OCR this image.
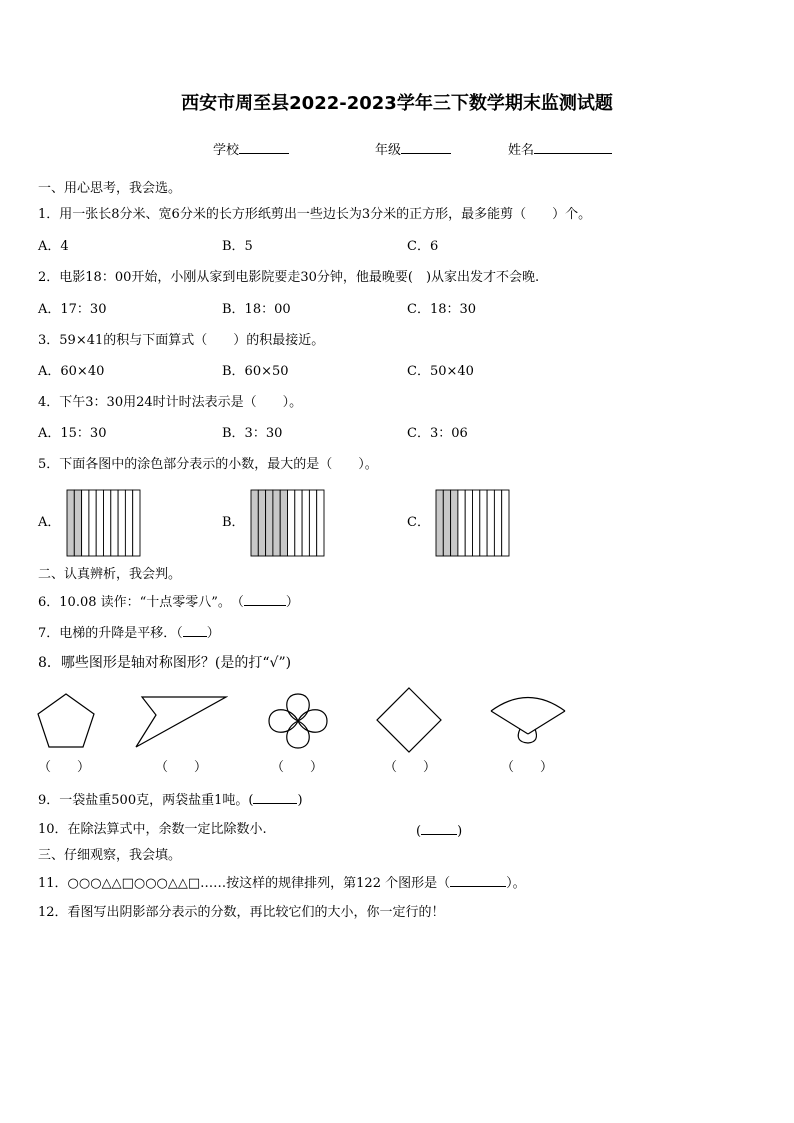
西安市周至县2022-2023学年三下数学期末监测试题
学校	年级	姓名
一、用心思考，我会选。
1．用一张长8分米、宽6分米的长方形纸剪出一些边长为3分米的正方形，最多能剪（　　）个。
A．4	B．5	C．6
2．电影18：00开始，小刚从家到电影院要走30分钟，他最晚要(　)从家出发才不会晚.
A．17：30	B．18：00	C．18：30
3．59×41的积与下面算式（　　）的积最接近。
A．60×40	B．60×50	C．50×40
4．下午3：30用24时计时法表示是（　　）。
A．15：30	B．3：30	C．3：06
5．下面各图中的涂色部分表示的小数，最大的是（　　）。
A．	B．	C．
二、认真辨析，我会判。
6．10.08 读作：“十点零零八”。　（	）
7．电梯的升降是平移．（ ）
8．哪些图形是轴对称图形？(是的打“√”)
（　　）	（　　）	（　　）	（　　）	（　　）
9．一袋盐重500克，两袋盐重1吨。(	)
10．在除法算式中，余数一定比除数小.	(	)
三、仔细观察，我会填。
11．○○○△△□○○○△△□……按这样的规律排列，第122 个图形是（	）。
12．看图写出阴影部分表示的分数，再比较它们的大小，你一定行的！
